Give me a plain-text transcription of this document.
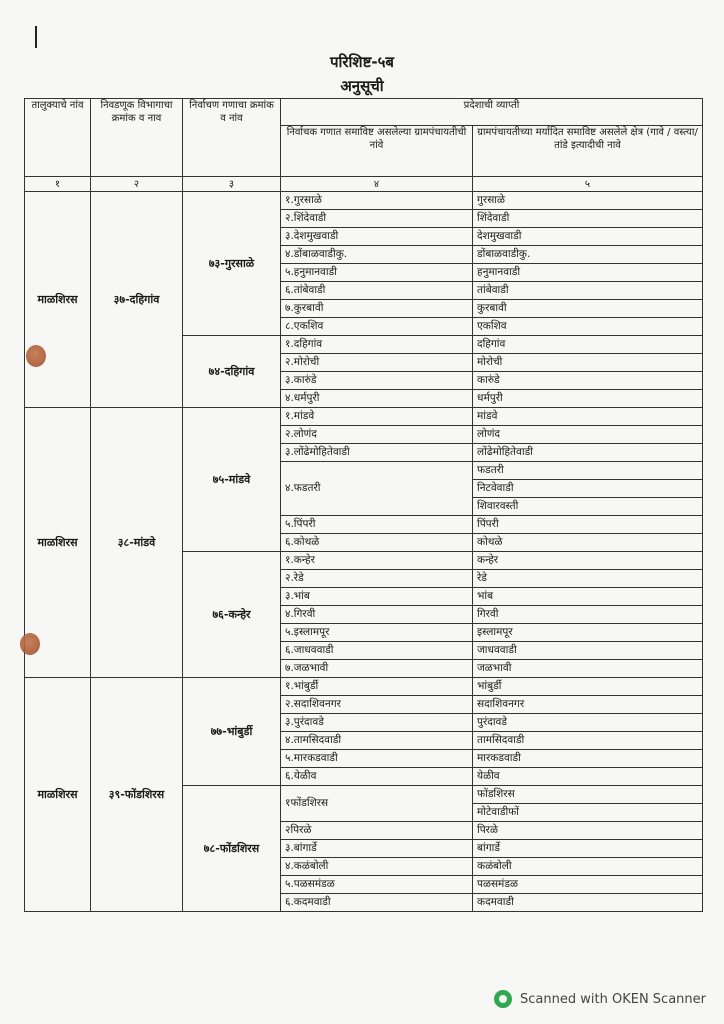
परिशिष्ट-५ब
अनुसूची
तालुक्याचे नांव	निवडणूक विभागाचा क्रमांक व नाव	निर्वाचण गणाचा क्रमांक व नांव	प्रदेशाची व्याप्ती	
			निर्वाचक गणात समाविष्ट असलेल्या ग्रामपंचायतीची नांवे	ग्रामपंचायतीच्या मर्यादित समाविष्ट असलेले क्षेत्र (गावे / वस्त्या/तांडे इत्यादीची नावे
१	२	३	४	५
माळशिरस	३७-दहिगांव	७३-गुरसाळे	१.गुरसाळे	गुरसाळे
			२.शिंदेवाडी	शिंदेवाडी
			३.देशमुखवाडी	देशमुखवाडी
			४.डोंबाळवाडीकु.	डोंबाळवाडीकु.
			५.हनुमानवाडी	हनुमानवाडी
			६.तांबेवाडी	तांबेवाडी
			७.कुरबावी	कुरबावी
			८.एकशिव	एकशिव
		७४-दहिगांव	१.दहिगांव	दहिगांव
			२.मोरोची	मोरोची
			३.कारुंडे	कारुंडे
			४.धर्मपुरी	धर्मपुरी
माळशिरस	३८-मांडवे	७५-मांडवे	१.मांडवे	मांडवे
			२.लोणंद	लोणंद
			३.लोंढेमोहितेवाडी	लोंढेमोहितेवाडी
			४.फडतरी	फडतरी
				निटवेवाडी
				शिवारवस्ती
			५.पिंपरी	पिंपरी
			६.कोथळे	कोथळे
		७६-कन्हेर	१.कन्हेर	कन्हेर
			२.रेडे	रेडे
			३.भांब	भांब
			४.गिरवी	गिरवी
			५.इस्लामपूर	इस्लामपूर
			६.जाधववाडी	जाधववाडी
			७.जळभावी	जळभावी
माळशिरस	३९-फोंडशिरस	७७-भांबुर्डी	१.भांबुर्डी	भांबुर्डी
			२.सदाशिवनगर	सदाशिवनगर
			३.पुरंदावडे	पुरंदावडे
			४.तामसिदवाडी	तामसिदवाडी
			५.मारकडवाडी	मारकडवाडी
			६.येळीव	येळीव
		७८-फोंडशिरस	१फोंडशिरस	फोंडशिरस
				मोटेवाडीफों
			२पिरळे	पिरळे
			३.बांगार्डे	बांगार्डे
			४.कळंबोली	कळंबोली
			५.पळसमंडळ	पळसमंडळ
			६.कदमवाडी	कदमवाडी
Scanned with OKEN Scanner
